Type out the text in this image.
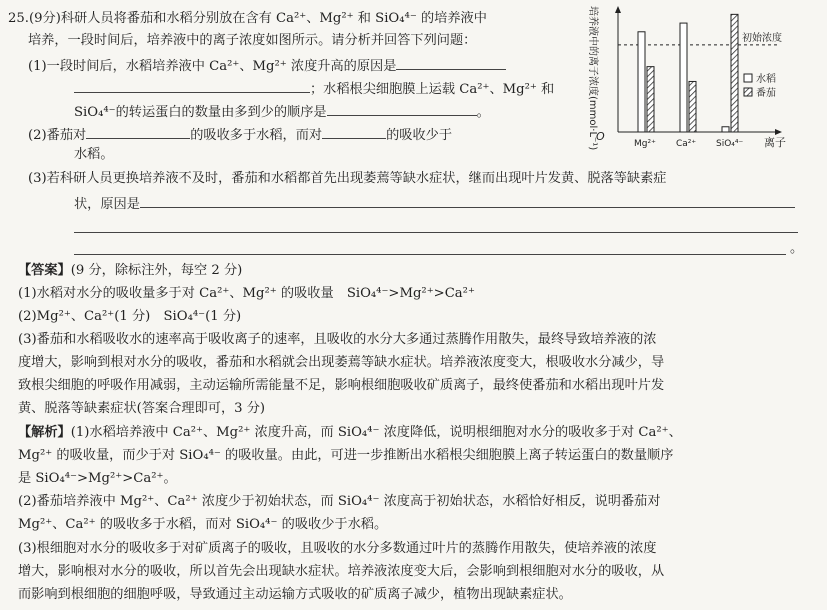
25.(9分)科研人员将番茄和水稻分别放在含有 Ca²⁺、Mg²⁺ 和 SiO₄⁴⁻ 的培养液中
培养，一段时间后，培养液中的离子浓度如图所示。请分析并回答下列问题：
(1)一段时间后，水稻培养液中 Ca²⁺、Mg²⁺ 浓度升高的原因是
；水稻根尖细胞膜上运载 Ca²⁺、Mg²⁺ 和
SiO₄⁴⁻的转运蛋白的数量由多到少的顺序是	。
(2)番茄对	的吸收多于水稻，而对	的吸收少于
水稻。
(3)若科研人员更换培养液不及时，番茄和水稻都首先出现萎蔫等缺水症状，继而出现叶片发黄、脱落等缺素症
状，原因是
。
培养液中的离子浓度(mmol·L⁻¹)
O	离子
初始浓度
Mg²⁺ Ca²⁺ SiO₄⁴⁻
水稻
番茄
【答案】(9 分，除标注外，每空 2 分)
(1)水稻对水分的吸收量多于对 Ca²⁺、Mg²⁺ 的吸收量　SiO₄⁴⁻>Mg²⁺>Ca²⁺
(2)Mg²⁺、Ca²⁺(1 分)　SiO₄⁴⁻(1 分)
(3)番茄和水稻吸收水的速率高于吸收离子的速率，且吸收的水分大多通过蒸腾作用散失，最终导致培养液的浓
度增大，影响到根对水分的吸收，番茄和水稻就会出现萎蔫等缺水症状。培养液浓度变大，根吸收水分减少，导
致根尖细胞的呼吸作用减弱，主动运输所需能量不足，影响根细胞吸收矿质离子，最终使番茄和水稻出现叶片发
黄、脱落等缺素症状(答案合理即可，3 分)
【解析】(1)水稻培养液中 Ca²⁺、Mg²⁺ 浓度升高，而 SiO₄⁴⁻ 浓度降低，说明根细胞对水分的吸收多于对 Ca²⁺、
Mg²⁺ 的吸收量，而少于对 SiO₄⁴⁻ 的吸收量。由此，可进一步推断出水稻根尖细胞膜上离子转运蛋白的数量顺序
是 SiO₄⁴⁻>Mg²⁺>Ca²⁺。
(2)番茄培养液中 Mg²⁺、Ca²⁺ 浓度少于初始状态，而 SiO₄⁴⁻ 浓度高于初始状态，水稻恰好相反，说明番茄对
Mg²⁺、Ca²⁺ 的吸收多于水稻，而对 SiO₄⁴⁻ 的吸收少于水稻。
(3)根细胞对水分的吸收多于对矿质离子的吸收，且吸收的水分多数通过叶片的蒸腾作用散失，使培养液的浓度
增大，影响根对水分的吸收，所以首先会出现缺水症状。培养液浓度变大后，会影响到根细胞对水分的吸收，从
而影响到根细胞的细胞呼吸，导致通过主动运输方式吸收的矿质离子减少，植物出现缺素症状。
